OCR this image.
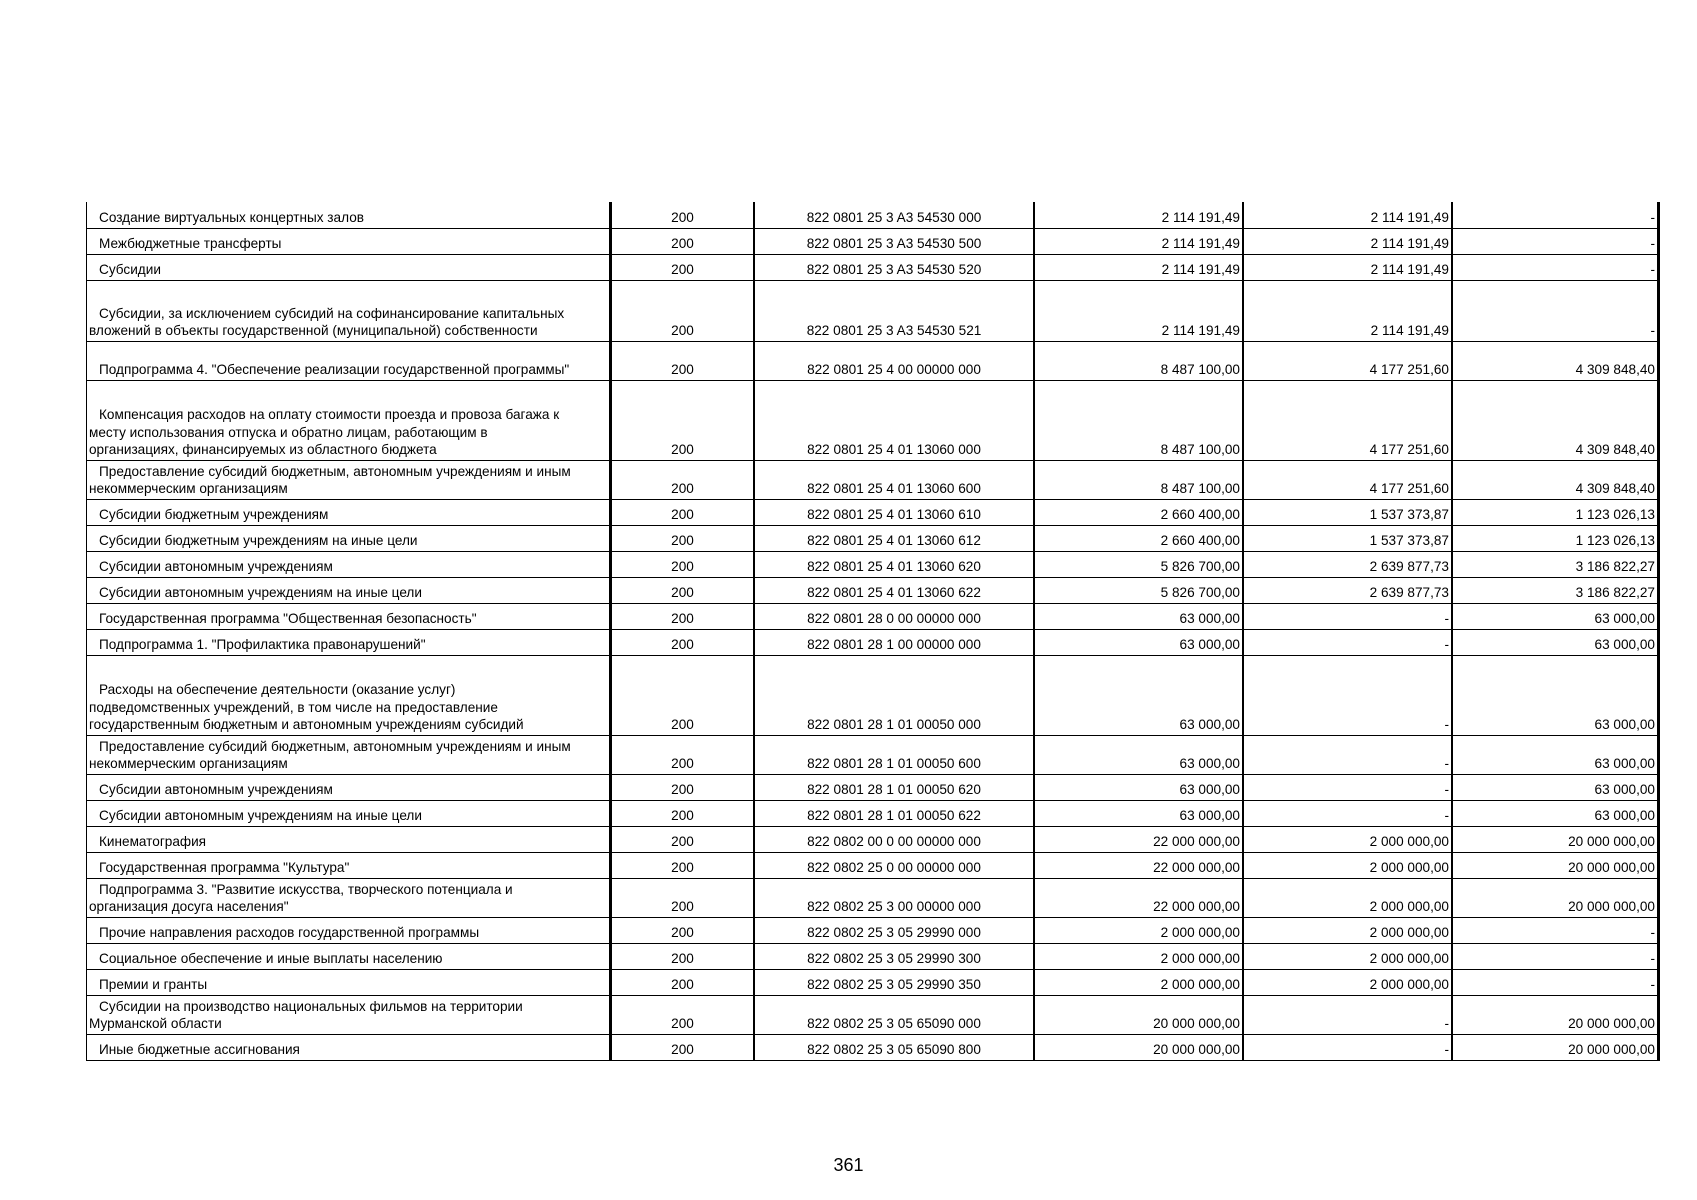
Создание виртуальных концертных залов	200	822 0801 25 3 A3 54530 000	2 114 191,49	2 114 191,49	-

Межбюджетные трансферты	200	822 0801 25 3 A3 54530 500	2 114 191,49	2 114 191,49	-

Субсидии	200	822 0801 25 3 A3 54530 520	2 114 191,49	2 114 191,49	-

Субсидии, за исключением субсидий на софинансирование капитальных
вложений в объекты государственной (муниципальной) собственности	200	822 0801 25 3 A3 54530 521	2 114 191,49	2 114 191,49	-

Подпрограмма 4. "Обеспечение реализации государственной программы"	200	822 0801 25 4 00 00000 000	8 487 100,00	4 177 251,60	4 309 848,40

Компенсация расходов на оплату стоимости проезда и провоза багажа к
месту использования отпуска и обратно лицам, работающим в
организациях, финансируемых из областного бюджета	200	822 0801 25 4 01 13060 000	8 487 100,00	4 177 251,60	4 309 848,40

Предоставление субсидий бюджетным, автономным учреждениям и иным
некоммерческим организациям	200	822 0801 25 4 01 13060 600	8 487 100,00	4 177 251,60	4 309 848,40

Субсидии бюджетным учреждениям	200	822 0801 25 4 01 13060 610	2 660 400,00	1 537 373,87	1 123 026,13

Субсидии бюджетным учреждениям на иные цели	200	822 0801 25 4 01 13060 612	2 660 400,00	1 537 373,87	1 123 026,13

Субсидии автономным учреждениям	200	822 0801 25 4 01 13060 620	5 826 700,00	2 639 877,73	3 186 822,27

Субсидии автономным учреждениям на иные цели	200	822 0801 25 4 01 13060 622	5 826 700,00	2 639 877,73	3 186 822,27

Государственная программа "Общественная безопасность"	200	822 0801 28 0 00 00000 000	63 000,00	-	63 000,00

Подпрограмма 1. "Профилактика правонарушений"	200	822 0801 28 1 00 00000 000	63 000,00	-	63 000,00

Расходы на обеспечение деятельности (оказание услуг)
подведомственных учреждений, в том числе на предоставление
государственным бюджетным и автономным учреждениям субсидий	200	822 0801 28 1 01 00050 000	63 000,00	-	63 000,00

Предоставление субсидий бюджетным, автономным учреждениям и иным
некоммерческим организациям	200	822 0801 28 1 01 00050 600	63 000,00	-	63 000,00

Субсидии автономным учреждениям	200	822 0801 28 1 01 00050 620	63 000,00	-	63 000,00

Субсидии автономным учреждениям на иные цели	200	822 0801 28 1 01 00050 622	63 000,00	-	63 000,00

Кинематография	200	822 0802 00 0 00 00000 000	22 000 000,00	2 000 000,00	20 000 000,00

Государственная программа "Культура"	200	822 0802 25 0 00 00000 000	22 000 000,00	2 000 000,00	20 000 000,00

Подпрограмма 3. "Развитие искусства, творческого потенциала и
организация досуга населения"	200	822 0802 25 3 00 00000 000	22 000 000,00	2 000 000,00	20 000 000,00

Прочие направления расходов государственной программы	200	822 0802 25 3 05 29990 000	2 000 000,00	2 000 000,00	-

Социальное обеспечение и иные выплаты населению	200	822 0802 25 3 05 29990 300	2 000 000,00	2 000 000,00	-

Премии и гранты	200	822 0802 25 3 05 29990 350	2 000 000,00	2 000 000,00	-

Субсидии на производство национальных фильмов на территории
Мурманской области	200	822 0802 25 3 05 65090 000	20 000 000,00	-	20 000 000,00

Иные бюджетные ассигнования	200	822 0802 25 3 05 65090 800	20 000 000,00	-	20 000 000,00
361
